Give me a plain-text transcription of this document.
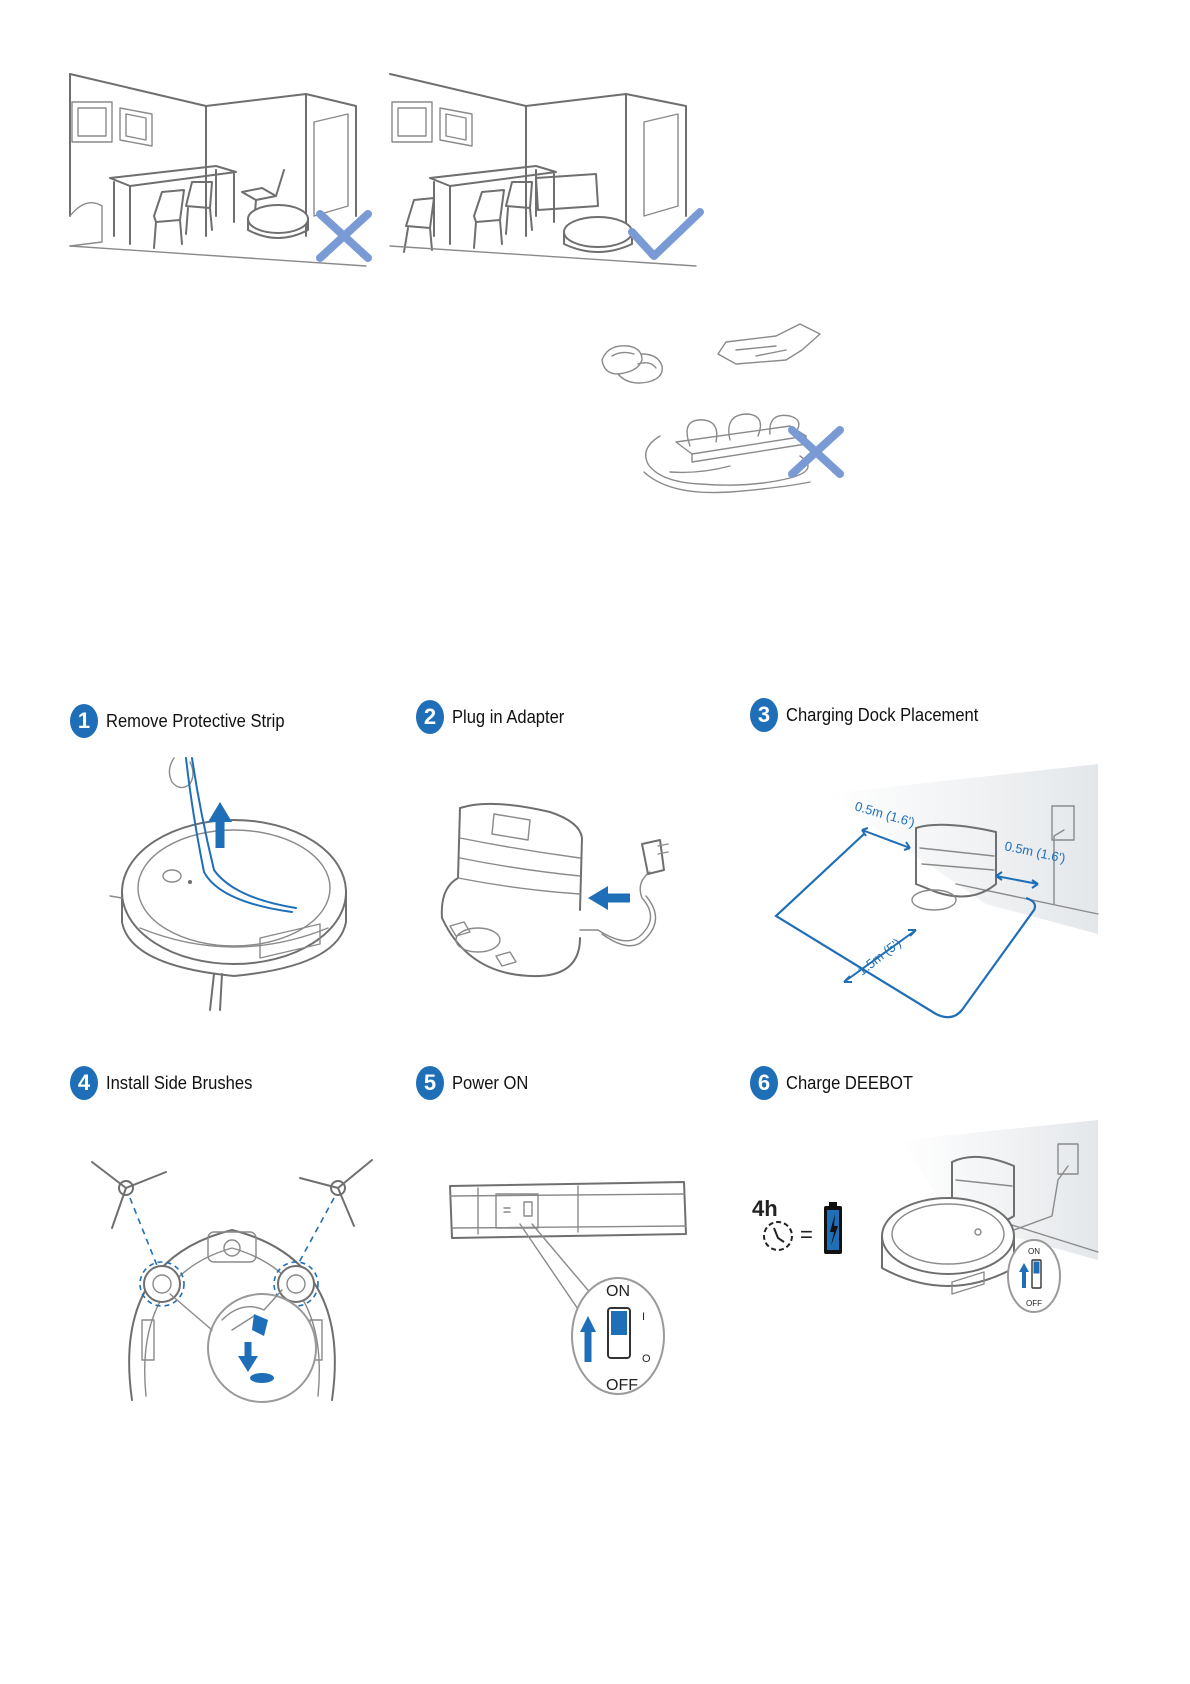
1 Remove Protective Strip	2 Plug in Adapter	3 Charging Dock Placement
4 Install Side Brushes	5 Power ON	6 Charge DEEBOT
0.5m (1.6')
0.5m (1.6')
1.5m (5')
ON
OFF
I
O
4h
=
ON
OFF
